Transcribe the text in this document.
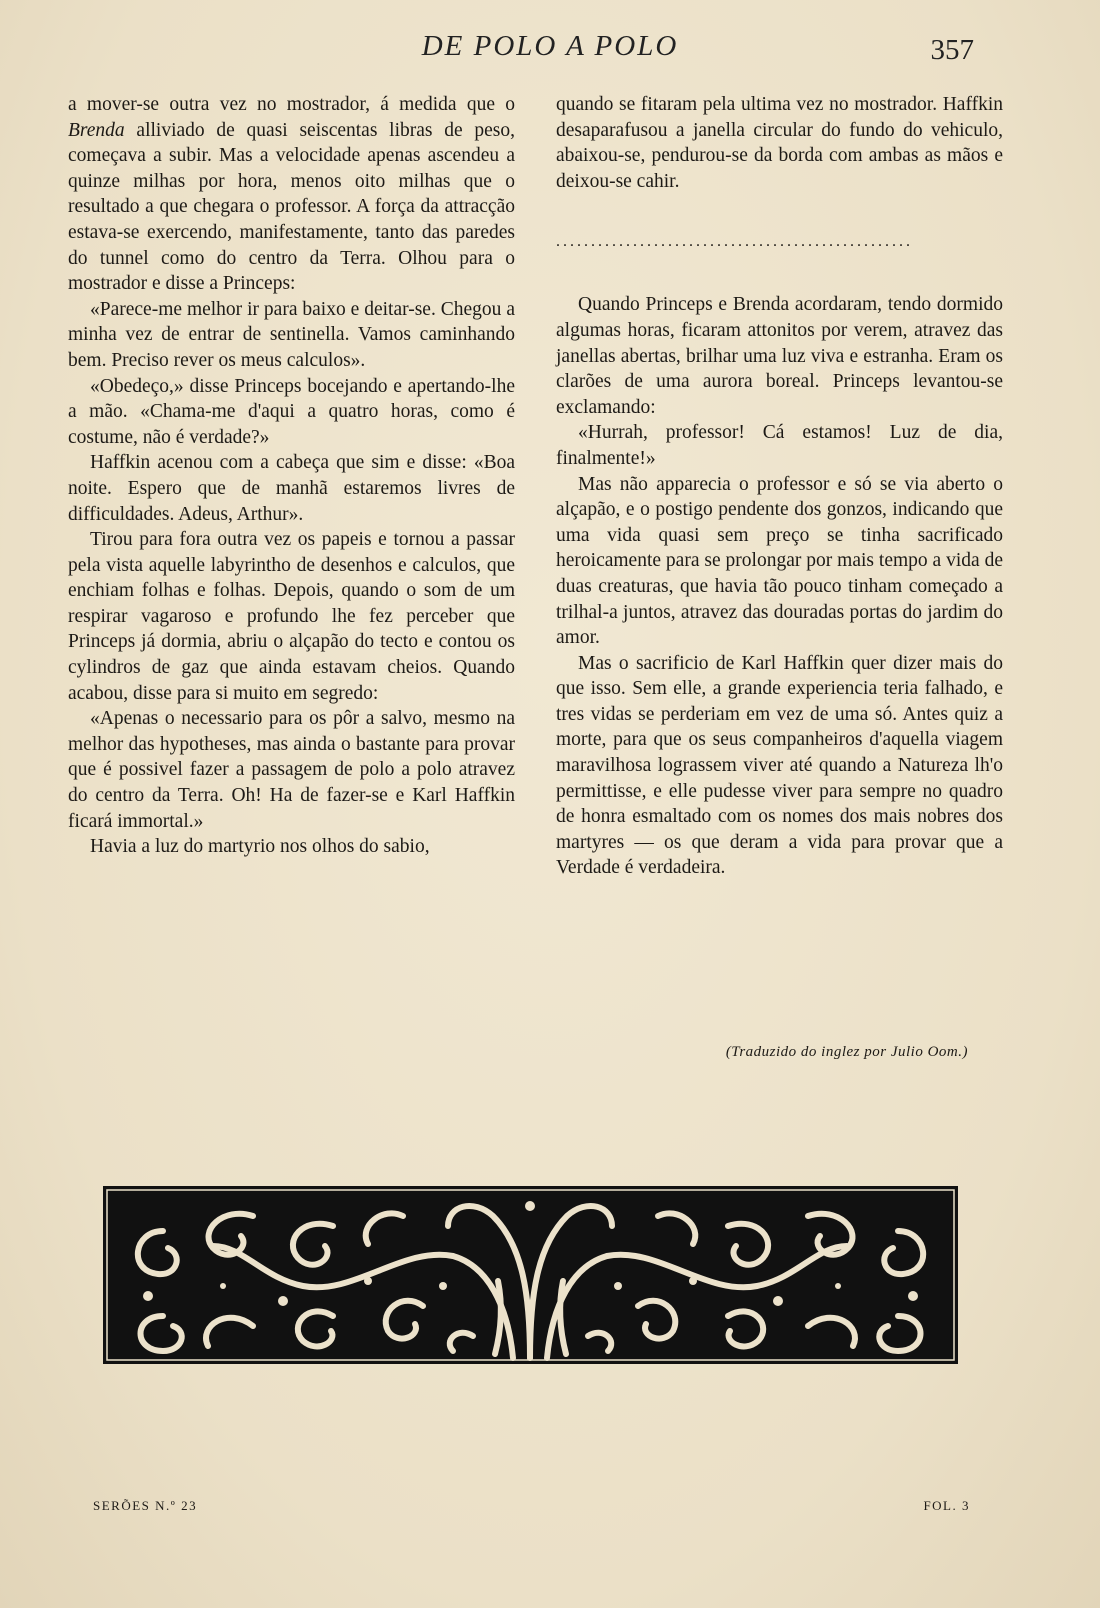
DE POLO A POLO	357

a mover-se outra vez no mostrador, á medida que o Brenda alliviado de quasi seiscentas libras de peso, começava a subir. Mas a velocidade apenas ascendeu a quinze milhas por hora, menos oito milhas que o resultado a que chegara o professor. A força da attracção estava-se exercendo, manifestamente, tanto das paredes do tunnel como do centro da Terra. Olhou para o mostrador e disse a Princeps:

«Parece-me melhor ir para baixo e deitar-se. Chegou a minha vez de entrar de sentinella. Vamos caminhando bem. Preciso rever os meus calculos».

«Obedeço,» disse Princeps bocejando e apertando-lhe a mão. «Chama-me d'aqui a quatro horas, como é costume, não é verdade?»

Haffkin acenou com a cabeça que sim e disse: «Boa noite. Espero que de manhã estaremos livres de difficuldades. Adeus, Arthur».

Tirou para fora outra vez os papeis e tornou a passar pela vista aquelle labyrintho de desenhos e calculos, que enchiam folhas e folhas. Depois, quando o som de um respirar vagaroso e profundo lhe fez perceber que Princeps já dormia, abriu o alçapão do tecto e contou os cylindros de gaz que ainda estavam cheios. Quando acabou, disse para si muito em segredo:

«Apenas o necessario para os pôr a salvo, mesmo na melhor das hypotheses, mas ainda o bastante para provar que é possivel fazer a passagem de polo a polo atravez do centro da Terra. Oh! Ha de fazer-se e Karl Haffkin ficará immortal.»

Havia a luz do martyrio nos olhos do sabio,

quando se fitaram pela ultima vez no mostrador. Haffkin desaparafusou a janella circular do fundo do vehiculo, abaixou-se, pendurou-se da borda com ambas as mãos e deixou-se cahir.

...................................................

Quando Princeps e Brenda acordaram, tendo dormido algumas horas, ficaram attonitos por verem, atravez das janellas abertas, brilhar uma luz viva e estranha. Eram os clarões de uma aurora boreal. Princeps levantou-se exclamando:

«Hurrah, professor! Cá estamos! Luz de dia, finalmente!»

Mas não apparecia o professor e só se via aberto o alçapão, e o postigo pendente dos gonzos, indicando que uma vida quasi sem preço se tinha sacrificado heroicamente para se prolongar por mais tempo a vida de duas creaturas, que havia tão pouco tinham começado a trilhal-a juntos, atravez das douradas portas do jardim do amor.

Mas o sacrificio de Karl Haffkin quer dizer mais do que isso. Sem elle, a grande experiencia teria falhado, e tres vidas se perderiam em vez de uma só. Antes quiz a morte, para que os seus companheiros d'aquella viagem maravilhosa lograssem viver até quando a Natureza lh'o permittisse, e elle pudesse viver para sempre no quadro de honra esmaltado com os nomes dos mais nobres dos martyres — os que deram a vida para provar que a Verdade é verdadeira.

(Traduzido do inglez por Julio Oom.)
SERÕES N.º 23	FOL. 3
